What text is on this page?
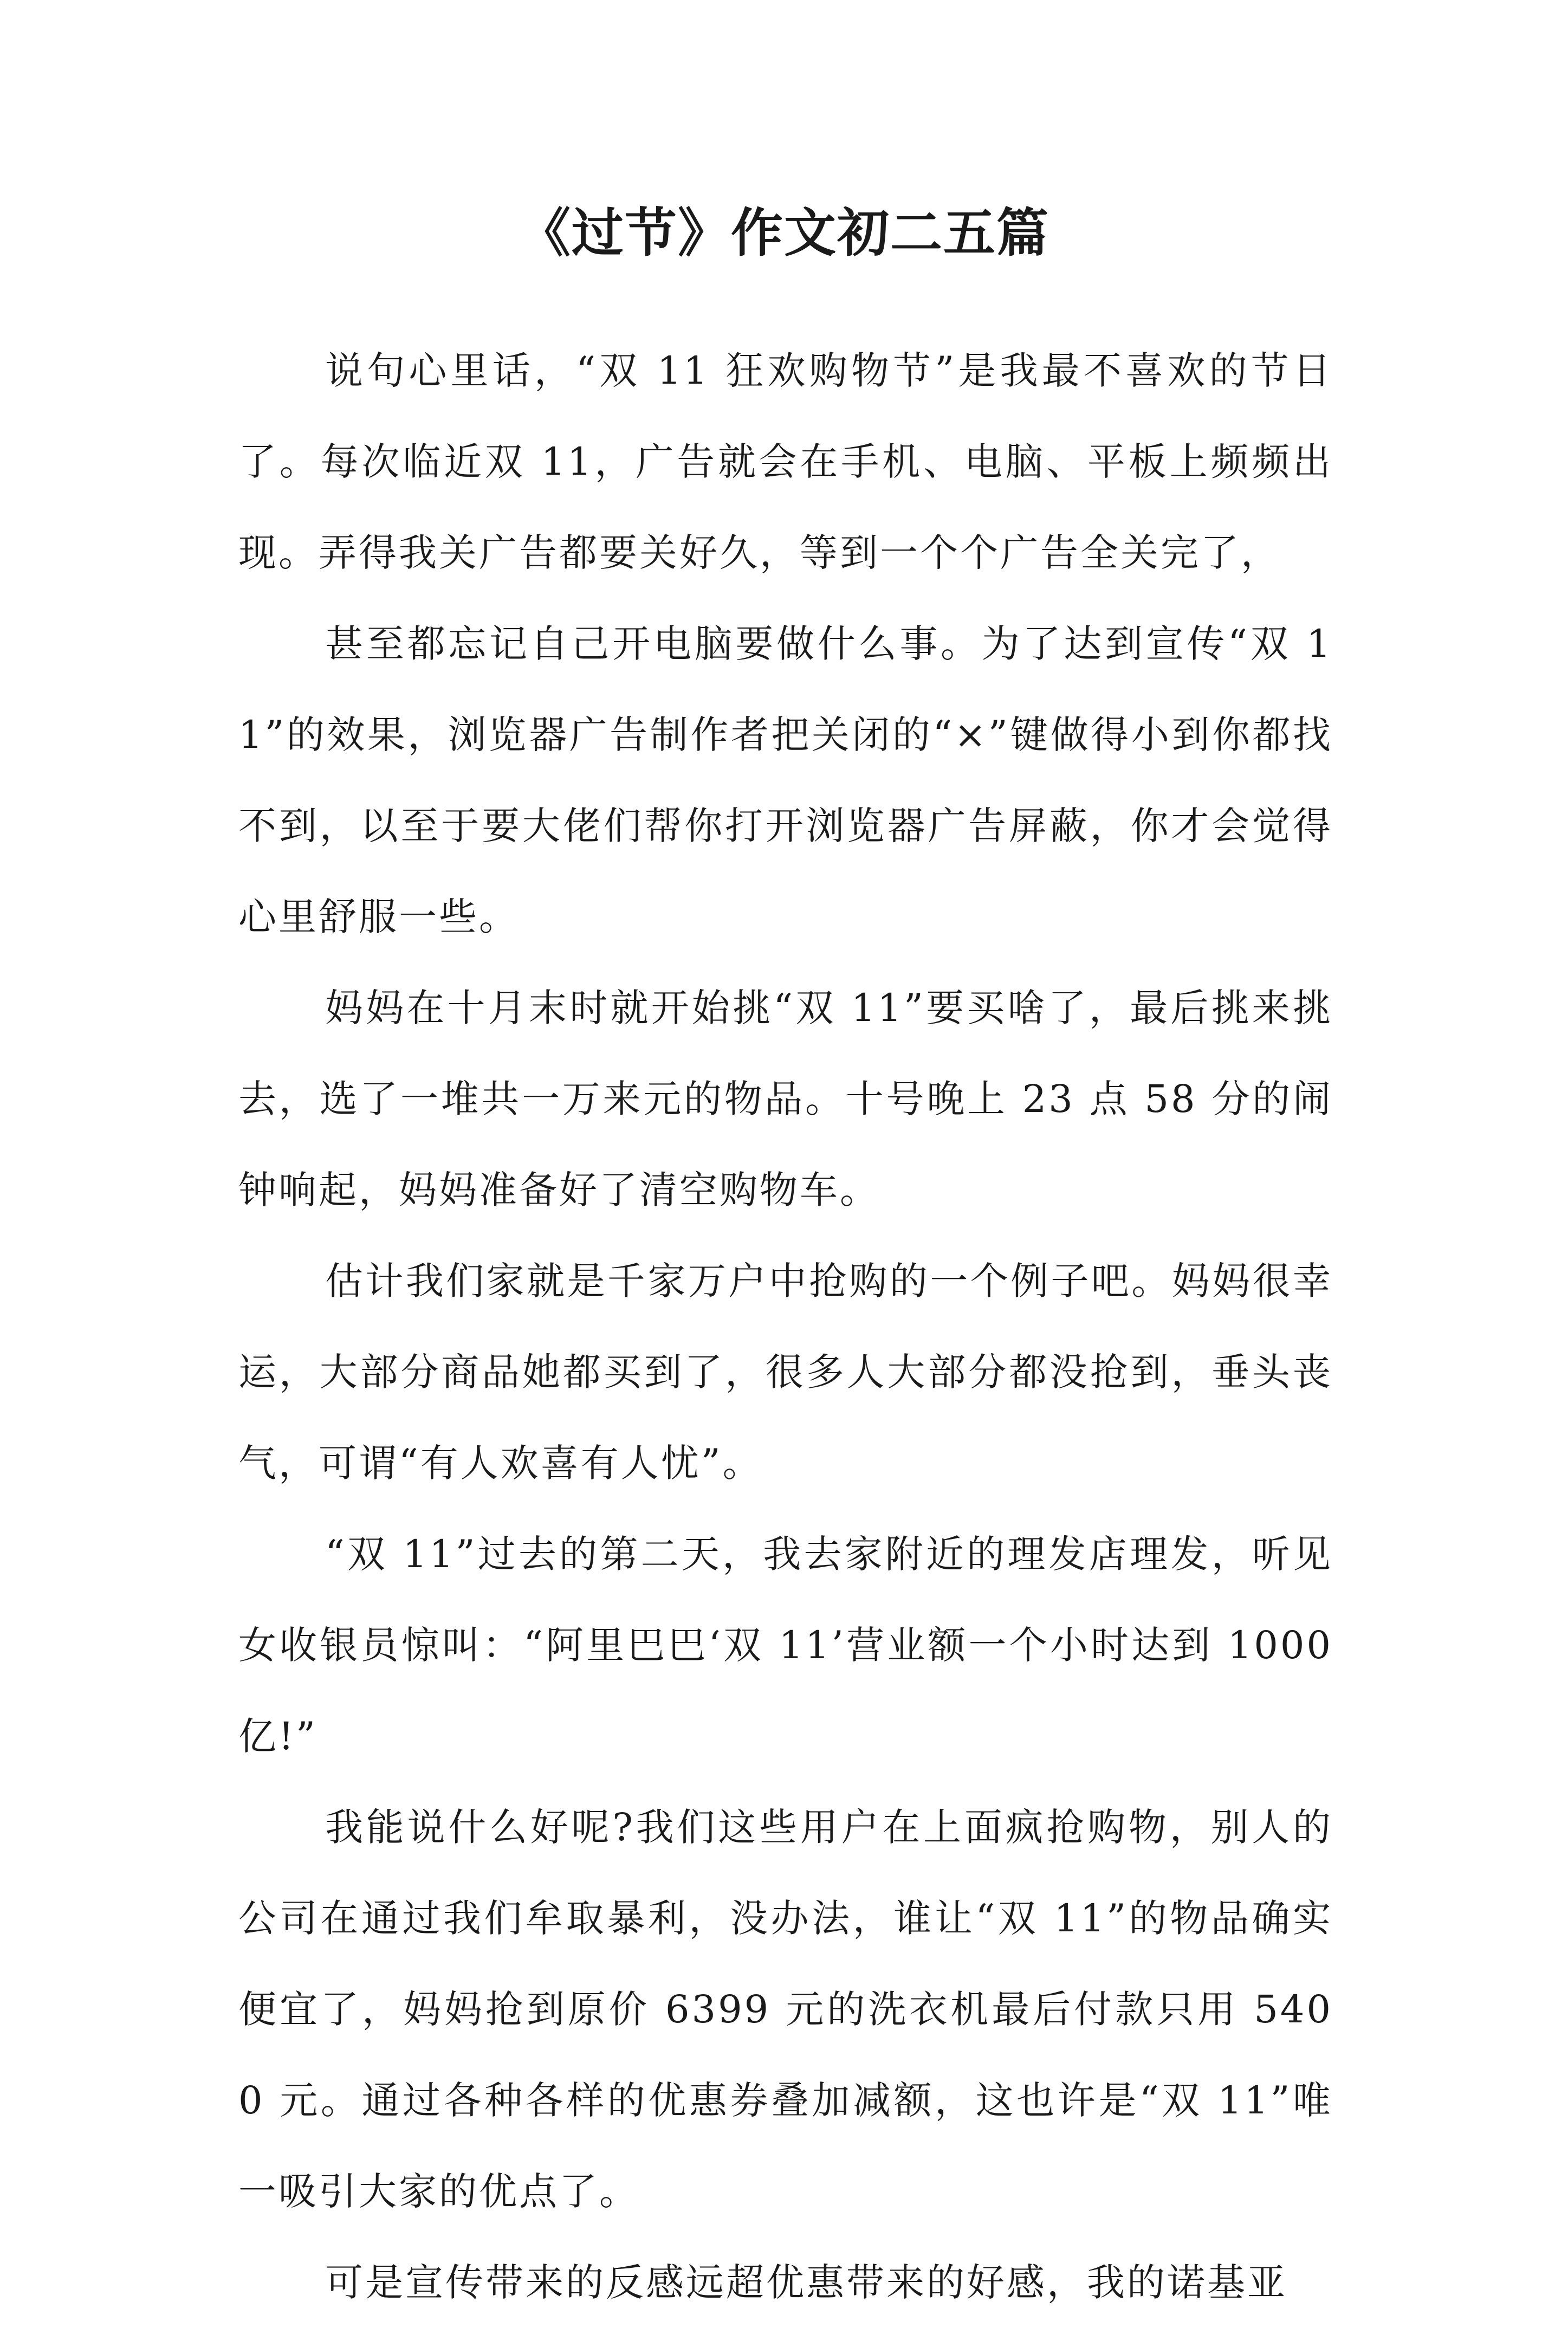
《过节》作文初二五篇

说句心里话，“双 11 狂欢购物节”是我最不喜欢的节日了。每次临近双 11，广告就会在手机、电脑、平板上频频出现。弄得我关广告都要关好久，等到一个个广告全关完了，

甚至都忘记自己开电脑要做什么事。为了达到宣传“双 11”的效果，浏览器广告制作者把关闭的“×”键做得小到你都找不到，以至于要大佬们帮你打开浏览器广告屏蔽，你才会觉得心里舒服一些。

妈妈在十月末时就开始挑“双 11”要买啥了，最后挑来挑去，选了一堆共一万来元的物品。十号晚上 23 点 58 分的闹钟响起，妈妈准备好了清空购物车。

估计我们家就是千家万户中抢购的一个例子吧。妈妈很幸运，大部分商品她都买到了，很多人大部分都没抢到，垂头丧气，可谓“有人欢喜有人忧”。

“双 11”过去的第二天，我去家附近的理发店理发，听见女收银员惊叫：“阿里巴巴‘双 11’营业额一个小时达到 1000 亿!”

我能说什么好呢?我们这些用户在上面疯抢购物，别人的公司在通过我们牟取暴利，没办法，谁让“双 11”的物品确实便宜了，妈妈抢到原价 6399 元的洗衣机最后付款只用 5400 元。通过各种各样的优惠券叠加减额，这也许是“双 11”唯一吸引大家的优点了。

可是宣传带来的反感远超优惠带来的好感，我的诺基亚
